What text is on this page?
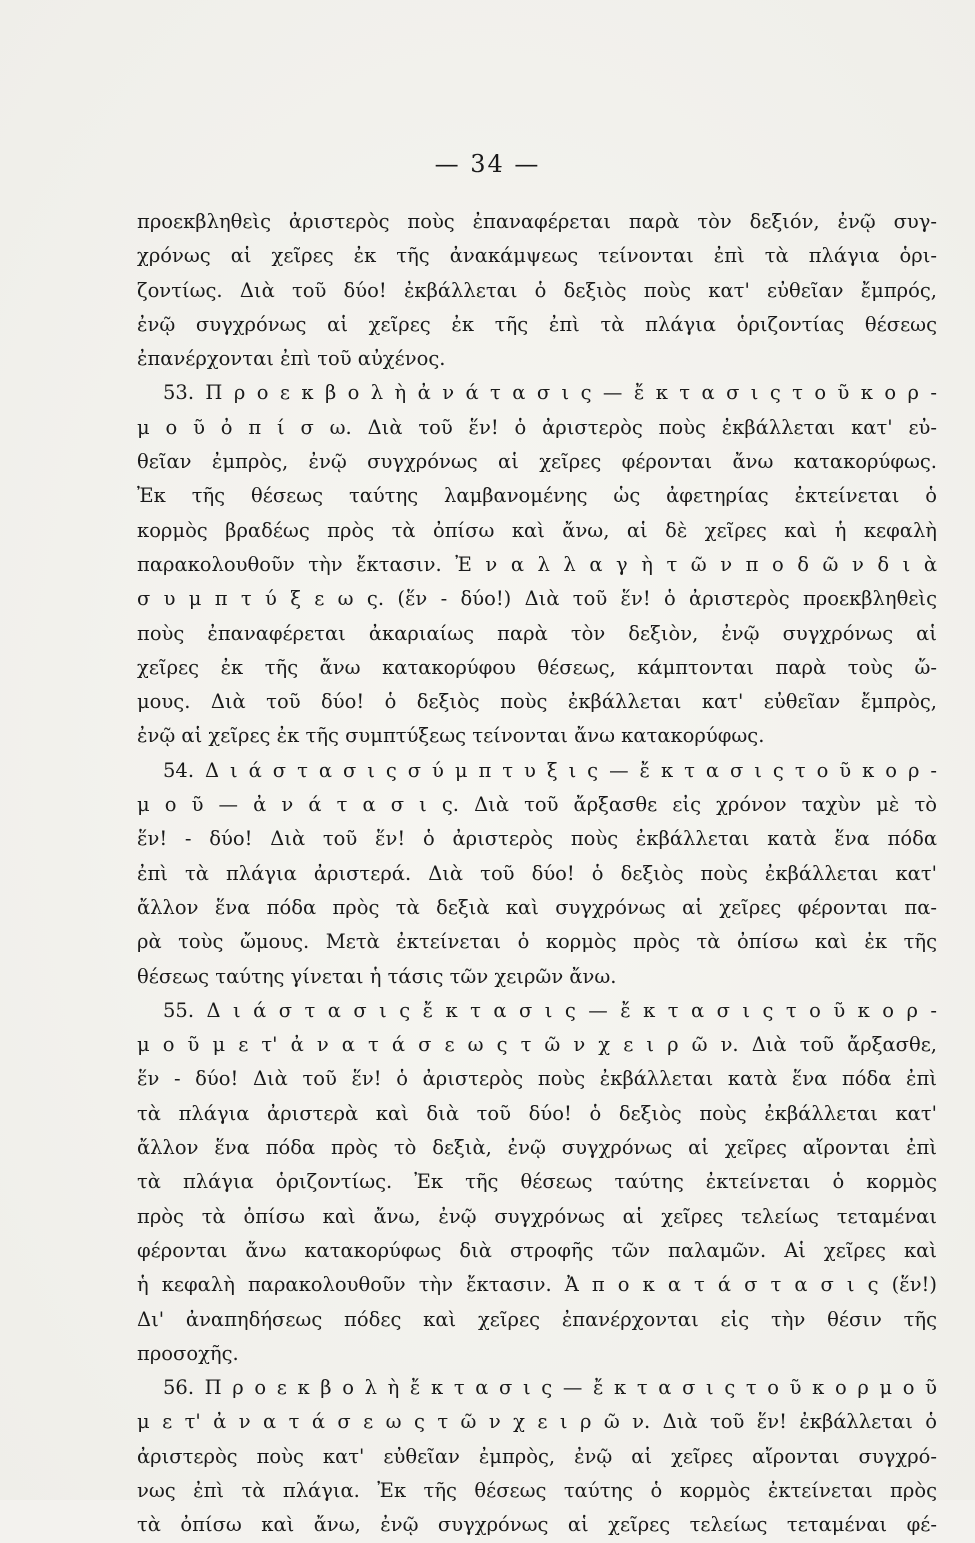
— 34 —
προεκβληθεὶς ἀριστερὸς ποὺς ἐπαναφέρεται παρὰ τὸν δεξιόν, ἐνῷ συγ-
χρόνως αἱ χεῖρες ἐκ τῆς ἀνακάμψεως τείνονται ἐπὶ τὰ πλάγια ὁρι-
ζοντίως. Διὰ τοῦ δύο! ἐκβάλλεται ὁ δεξιὸς ποὺς κατ' εὐθεῖαν ἔμπρός,
ἐνῷ συγχρόνως αἱ χεῖρες ἐκ τῆς ἐπὶ τὰ πλάγια ὁριζοντίας θέσεως
ἐπανέρχονται ἐπὶ τοῦ αὐχένος.
53. Π ρ ο ε κ β ο λ ὴ ἀ ν ά τ α σ ι ς — ἔ κ τ α σ ι ς τ ο ῦ κ ο ρ -
μ ο ῦ ὀ π ί σ ω. Διὰ τοῦ ἕν! ὁ ἀριστερὸς ποὺς ἐκβάλλεται κατ' εὐ-
θεῖαν ἐμπρὸς, ἐνῷ συγχρόνως αἱ χεῖρες φέρονται ἄνω κατακορύφως.
Ἐκ τῆς θέσεως ταύτης λαμβανομένης ὡς ἀφετηρίας ἐκτείνεται ὁ
κορμὸς βραδέως πρὸς τὰ ὀπίσω καὶ ἄνω, αἱ δὲ χεῖρες καὶ ἡ κεφαλὴ
παρακολουθοῦν τὴν ἔκτασιν. Ἐ ν α λ λ α γ ὴ τ ῶ ν π ο δ ῶ ν δ ι ὰ
σ υ μ π τ ύ ξ ε ω ς. (ἕν - δύο!) Διὰ τοῦ ἕν! ὁ ἀριστερὸς προεκβληθεὶς
ποὺς ἐπαναφέρεται ἀκαριαίως παρὰ τὸν δεξιὸν, ἐνῷ συγχρόνως αἱ
χεῖρες ἐκ τῆς ἄνω κατακορύφου θέσεως, κάμπτονται παρὰ τοὺς ὤ-
μους. Διὰ τοῦ δύο! ὁ δεξιὸς ποὺς ἐκβάλλεται κατ' εὐθεῖαν ἔμπρὸς,
ἐνῷ αἱ χεῖρες ἐκ τῆς συμπτύξεως τείνονται ἄνω κατακορύφως.
54. Δ ι ά σ τ α σ ι ς σ ύ μ π τ υ ξ ι ς — ἔ κ τ α σ ι ς τ ο ῦ κ ο ρ -
μ ο ῦ — ἀ ν ά τ α σ ι ς. Διὰ τοῦ ἄρξασθε εἰς χρόνον ταχὺν μὲ τὸ
ἕν! - δύο! Διὰ τοῦ ἕν! ὁ ἀριστερὸς ποὺς ἐκβάλλεται κατὰ ἕνα πόδα
ἐπὶ τὰ πλάγια ἀριστερά. Διὰ τοῦ δύο! ὁ δεξιὸς ποὺς ἐκβάλλεται κατ'
ἄλλον ἕνα πόδα πρὸς τὰ δεξιὰ καὶ συγχρόνως αἱ χεῖρες φέρονται πα-
ρὰ τοὺς ὤμους. Μετὰ ἐκτείνεται ὁ κορμὸς πρὸς τὰ ὀπίσω καὶ ἐκ τῆς
θέσεως ταύτης γίνεται ἡ τάσις τῶν χειρῶν ἄνω.
55. Δ ι ά σ τ α σ ι ς ἔ κ τ α σ ι ς — ἔ κ τ α σ ι ς τ ο ῦ κ ο ρ -
μ ο ῦ μ ε τ' ἀ ν α τ ά σ ε ω ς τ ῶ ν χ ε ι ρ ῶ ν. Διὰ τοῦ ἄρξασθε,
ἕν - δύο! Διὰ τοῦ ἕν! ὁ ἀριστερὸς ποὺς ἐκβάλλεται κατὰ ἕνα πόδα ἐπὶ
τὰ πλάγια ἀριστερὰ καὶ διὰ τοῦ δύο! ὁ δεξιὸς ποὺς ἐκβάλλεται κατ'
ἄλλον ἕνα πόδα πρὸς τὸ δεξιὰ, ἐνῷ συγχρόνως αἱ χεῖρες αἴρονται ἐπὶ
τὰ πλάγια ὁριζοντίως. Ἐκ τῆς θέσεως ταύτης ἐκτείνεται ὁ κορμὸς
πρὸς τὰ ὀπίσω καὶ ἄνω, ἐνῷ συγχρόνως αἱ χεῖρες τελείως τεταμέναι
φέρονται ἄνω κατακορύφως διὰ στροφῆς τῶν παλαμῶν. Αἱ χεῖρες καὶ
ἡ κεφαλὴ παρακολουθοῦν τὴν ἔκτασιν. Ἀ π ο κ α τ ά σ τ α σ ι ς (ἕν!)
Δι' ἀναπηδήσεως πόδες καὶ χεῖρες ἐπανέρχονται εἰς τὴν θέσιν τῆς
προσοχῆς.
56. Π ρ ο ε κ β ο λ ὴ ἔ κ τ α σ ι ς — ἔ κ τ α σ ι ς τ ο ῦ κ ο ρ μ ο ῦ
μ ε τ' ἀ ν α τ ά σ ε ω ς τ ῶ ν χ ε ι ρ ῶ ν. Διὰ τοῦ ἕν! ἐκβάλλεται ὁ
ἀριστερὸς ποὺς κατ' εὐθεῖαν ἐμπρὸς, ἐνῷ αἱ χεῖρες αἴρονται συγχρό-
νως ἐπὶ τὰ πλάγια. Ἐκ τῆς θέσεως ταύτης ὁ κορμὸς ἐκτείνεται πρὸς
τὰ ὀπίσω καὶ ἄνω, ἐνῷ συγχρόνως αἱ χεῖρες τελείως τεταμέναι φέ-
